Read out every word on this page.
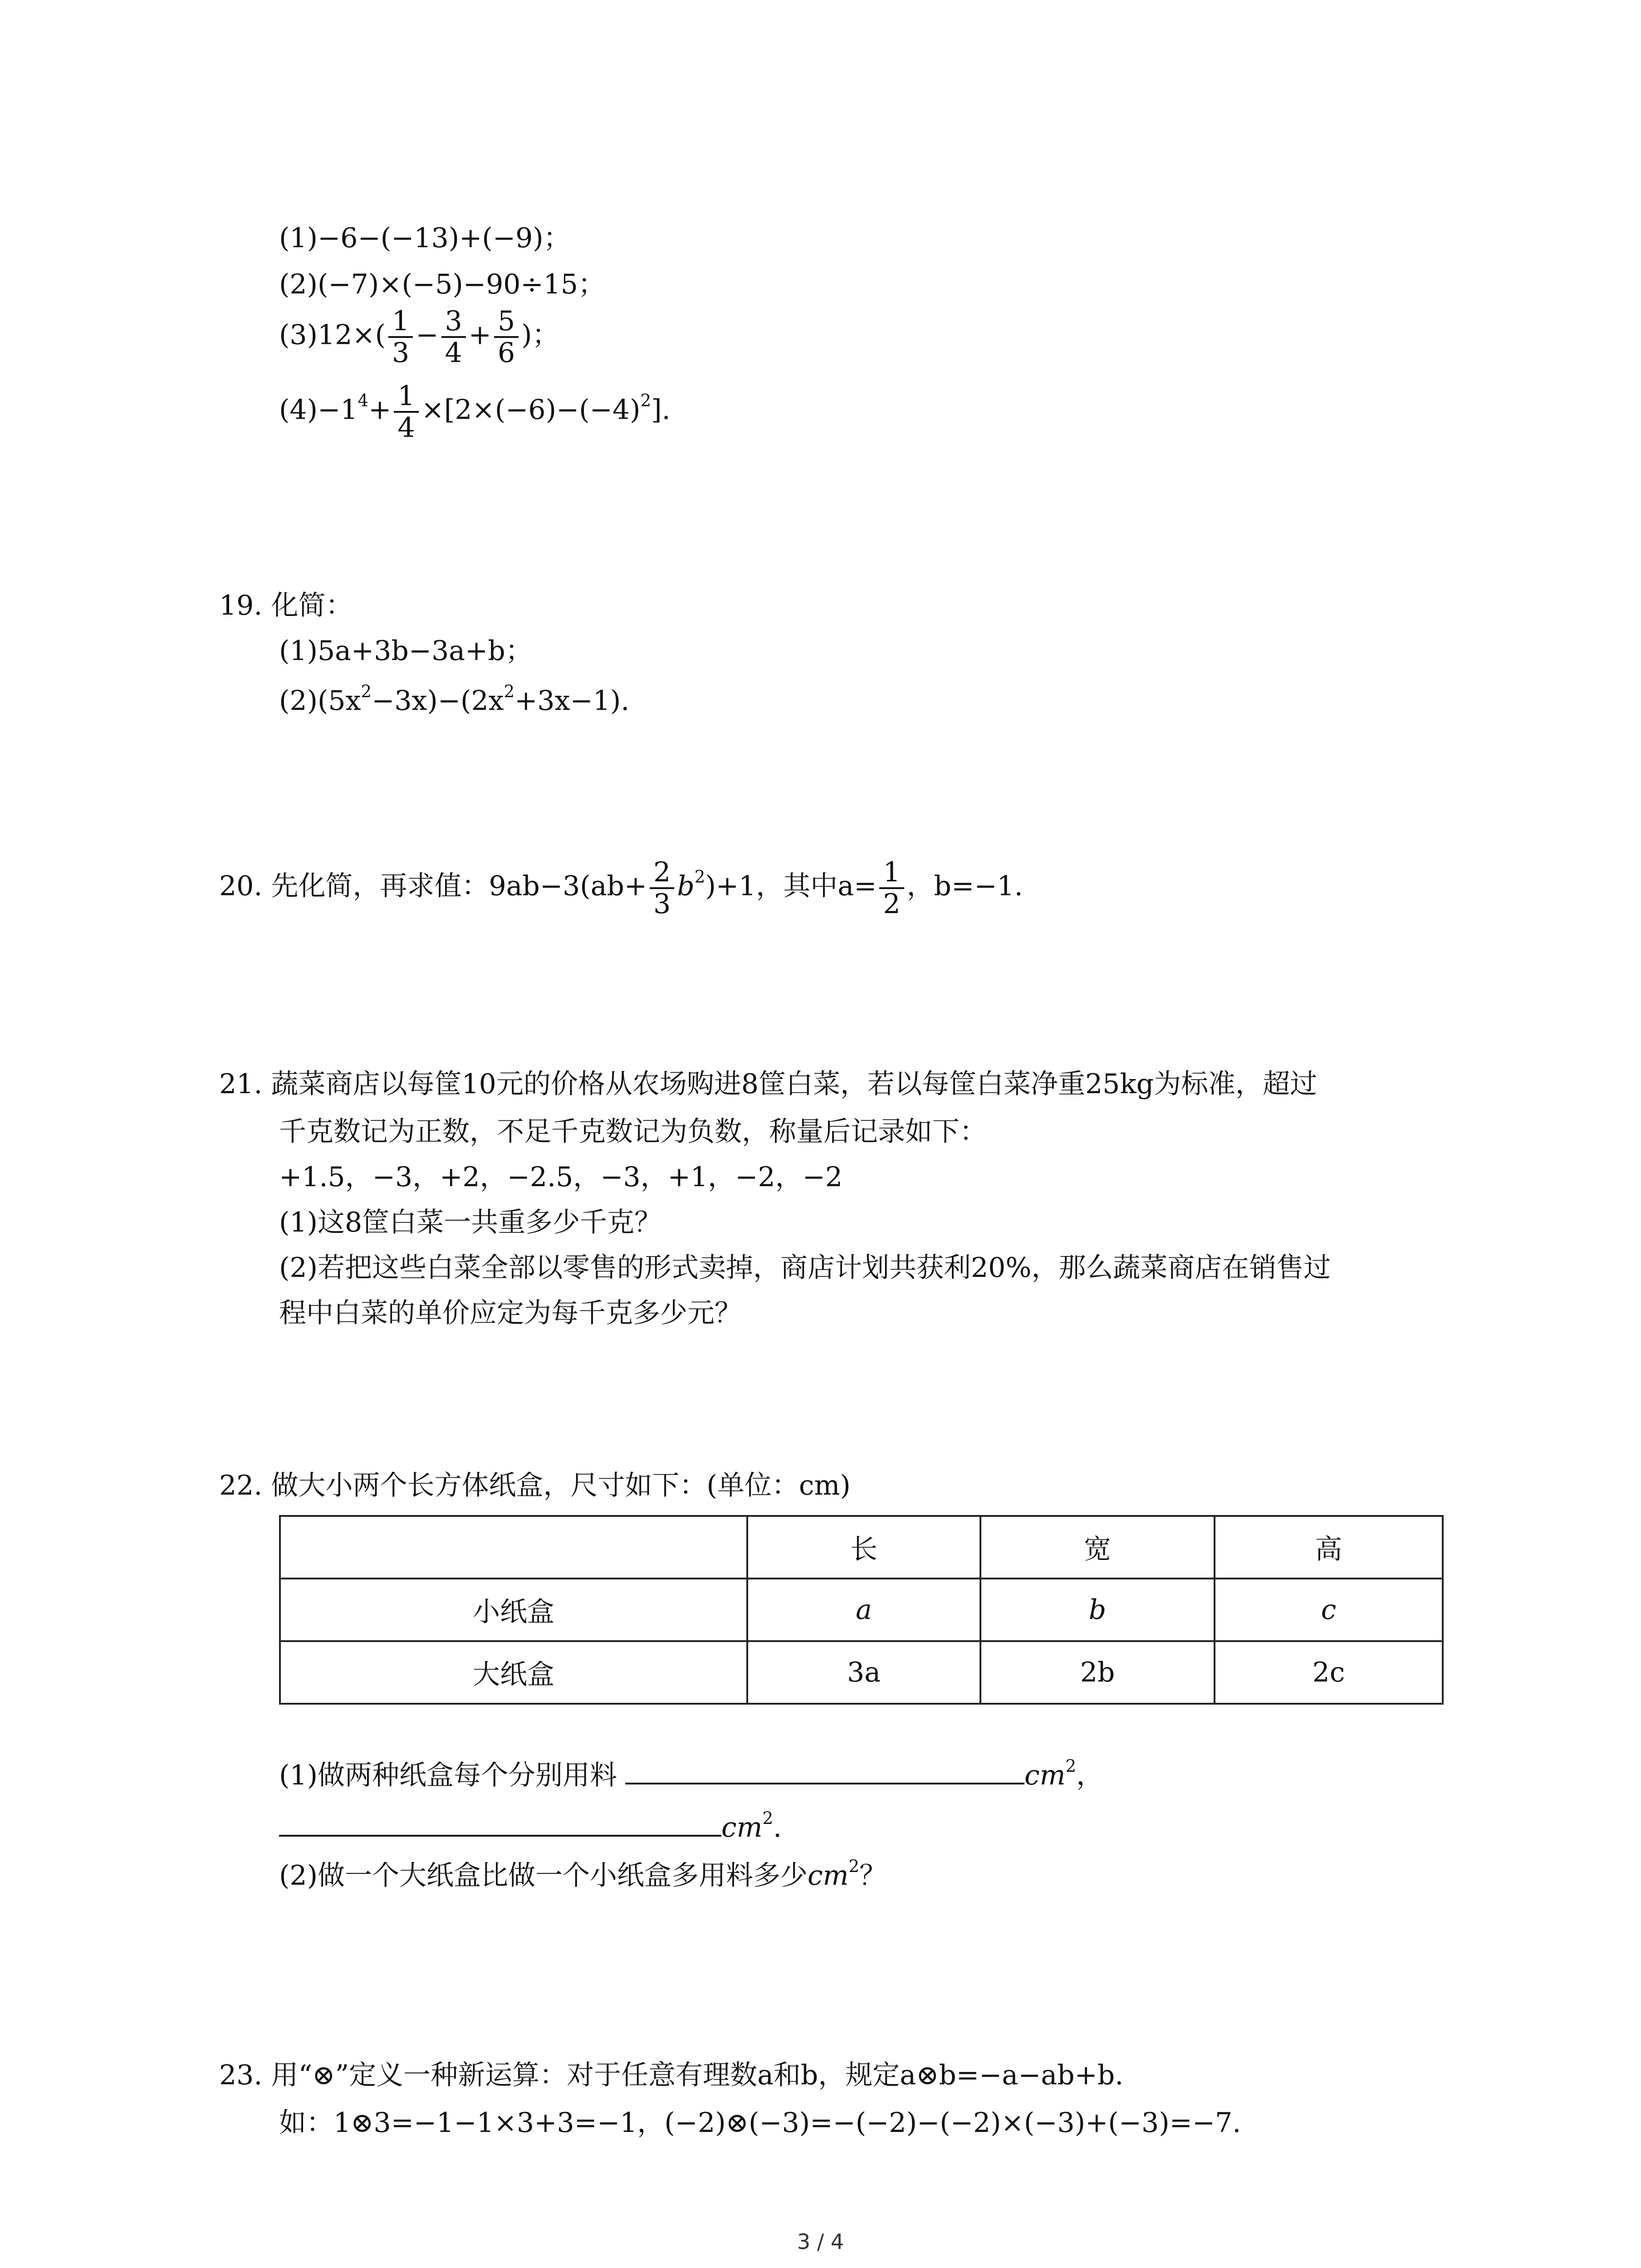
(1)−6−(−13)+(−9)；
(2)(−7)×(−5)−90÷15；
$(3)12\times( \frac{1}{3} - \frac{3}{4} + \frac{5}{6}$ )；
$(4)-1^4+ \frac{1}{4} \times[2\times(-6)-(-4)^2]$.
19. 化简：
(1)5a+3b−3a+b；
$(2)(5x^2-3x)-(2x^2+3x-1)$.
20. 先化简，再求值：$9ab-3(ab+ \frac{2}{3} b^2)+1$，其中$a= \frac{1}{2}$ ，b=−1.
21. 蔬菜商店以每筐10元的价格从农场购进8筐白菜，若以每筐白菜净重25kg为标准，超过
千克数记为正数，不足千克数记为负数，称量后记录如下：
+1.5，−3，+2，−2.5，−3，+1，−2，−2
(1)这8筐白菜一共重多少千克？
(2)若把这些白菜全部以零售的形式卖掉，商店计划共获利20%，那么蔬菜商店在销售过
程中白菜的单价应定为每千克多少元？
22. 做大小两个长方体纸盒，尺寸如下：(单位：cm)
	长	宽	高
小纸盒	a	b	c
大纸盒	3a	2b	2c
(1)做两种纸盒每个分别用料	$cm^2$，
$cm^2$.
(2)做一个大纸盒比做一个小纸盒多用料多少$cm^2$？
23. 用“⊗”定义一种新运算：对于任意有理数a和b，规定a⊗b=−a−ab+b.
如：1⊗3=−1−1×3+3=−1，(−2)⊗(−3)=−(−2)−(−2)×(−3)+(−3)=−7.
3 / 4
